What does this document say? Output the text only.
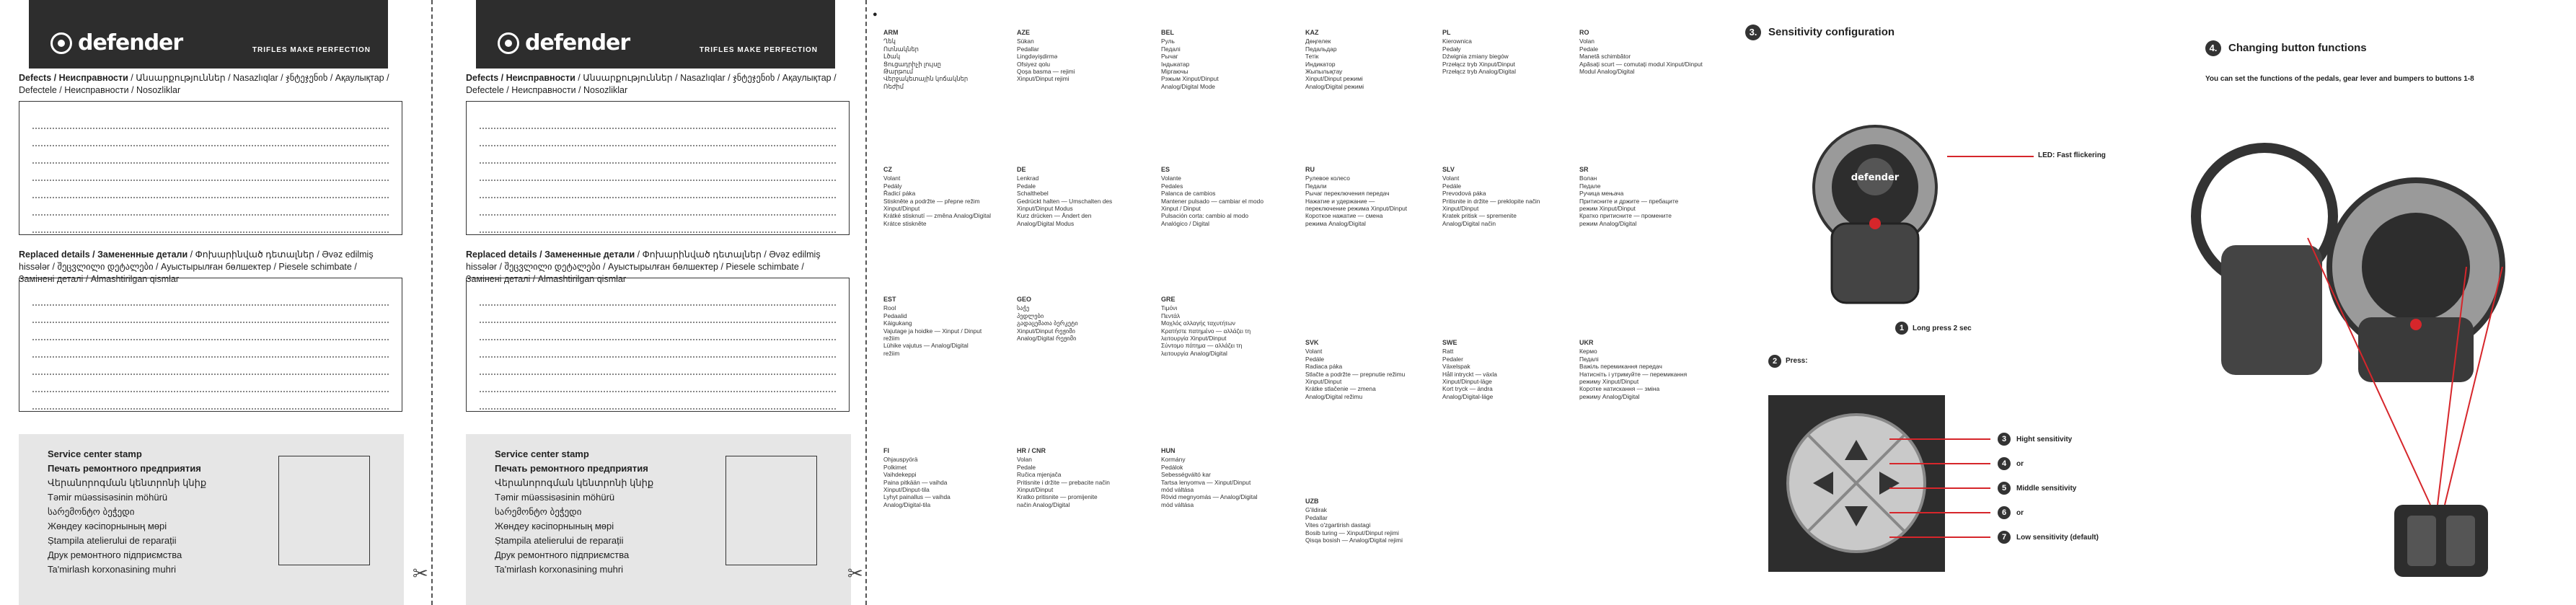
defender	TRIFLES MAKE PERFECTION
Defects / Неисправности / Անսարքություններ / Nasazlıqlar / ჯნტეჯენიხ / Ақаулықтар / Defectele / Неисправности / Nosozliklar
Replaced details / Замененные детали / Փոխարինված դետալներ / Əvəz edilmiş hissələr / შეცვლილი დეტალები / Ауыстырылған бөлшектер / Piesele schimbate / Замінені деталі / Almashtirilgan qismlar
Service center stamp
Печать ремонтного предприятия
Վերանորոգման կենտրոնի կնիք
Təmir müəssisəsinin möhürü
სარემონტო ბეჭედი
Жөндеу кәсіпорнының мөрі
Ștampila atelierului de reparații
Друк ремонтного підприємства
Ta'mirlash korxonasining muhri	✂
defender	TRIFLES MAKE PERFECTION
Defects / Неисправности / Անսարքություններ / Nasazlıqlar / ჯნტეჯენიხ / Ақаулықтар / Defectele / Неисправности / Nosozliklar
Replaced details / Замененные детали / Փոխարինված դետալներ / Əvəz edilmiş hissələr / შეცვლილი დეტალები / Ауыстырылған бөлшектер / Piesele schimbate / Замінені деталі / Almashtirilgan qismlar
Service center stamp
Печать ремонтного предприятия
Վերանորոգման կենտրոնի կնիք
Təmir müəssisəsinin möhürü
სარემონტო ბეჭედი
Жөндеу кәсіпорнының мөрі
Ștampila atelierului de reparații
Друк ремонтного підприємства
Ta'mirlash korxonasining muhri	✂
●
ARM
Ղեկ
Ոտնակներ
Լծակ
Ցուցադրիչի լույսը
Թարթում
Վերջակետային կոճակներ
Ռեժիմ
AZE
Sükan
Pedallar
Lingdəyişdirmə
Ofsiyez qolu
Qoşa basma — rejimi
Xinput/Dinput rejimi
BEL
Руль
Педалі
Рычаг
Індыкатар
Міргаючы
Рэжым Xinput/Dinput
Analog/Digital Mode
KAZ
Дөңгелек
Педальдар
Тетік
Индикатор
Жыпылықтау
Xinput/Dinput режимі
Analog/Digital режимі
PL
Kierownica
Pedały
Dźwignia zmiany biegów
Przełącz tryb Xinput/Dinput
Przełącz tryb Analog/Digital
RO
Volan
Pedale
Manetă schimbător
Apăsați scurt — comutați modul Xinput/Dinput
Modul Analog/Digital
CZ
Volant
Pedály
Řadicí páka
Stiskněte a podržte — přepne režim
Xinput/Dinput
Krátké stisknutí — změna Analog/Digital
Krátce stiskněte
DE
Lenkrad
Pedale
Schalthebel
Gedrückt halten — Umschalten des
Xinput/Dinput Modus
Kurz drücken — Ändert den
Analog/Digital Modus
ES
Volante
Pedales
Palanca de cambios
Mantener pulsado — cambiar el modo
Xinput / Dinput
Pulsación corta: cambio al modo
Analógico / Digital
RU
Рулевое колесо
Педали
Рычаг переключения передач
Нажатие и удержание —
переключение режима Xinput/Dinput
Короткое нажатие — смена
режима Analog/Digital
SLV
Volant
Pedále
Prevodová páka
Pritisnite in držite — preklopite način
Xinput/Dinput
Kratek pritisk — spremenite
Analog/Digital način
SR
Волан
Педале
Ручица мењача
Притисните и држите — пребаците
режим Xinput/Dinput
Кратко притисните — промените
режим Analog/Digital
EST
Rool
Pedaalid
Käigukang
Vajutage ja hoidke — Xinput / Dinput
režiim
Lühike vajutus — Analog/Digital
režiim
GEO
საჭე
პედლები
გადაცემათა ბერკეტი
Xinput/Dinput რეჟიმი
Analog/Digital რეჟიმი
GRE
Τιμόνι
Πεντάλ
Μοχλός αλλαγής ταχυτήτων
Κρατήστε πατημένο — αλλάζει τη
λειτουργία Xinput/Dinput
Σύντομο πάτημα — αλλάζει τη
λειτουργία Analog/Digital
SVK
Volant
Pedále
Radiaca páka
Stlačte a podržte — prepnutie režimu
Xinput/Dinput
Krátke stlačenie — zmena
Analog/Digital režimu
SWE
Ratt
Pedaler
Växelspak
Håll intryckt — växla
Xinput/Dinput-läge
Kort tryck — ändra
Analog/Digital-läge
UKR
Кермо
Педалі
Важіль перемикання передач
Натисніть і утримуйте — перемикання
режиму Xinput/Dinput
Коротке натискання — зміна
режиму Analog/Digital
FI
Ohjauspyörä
Polkimet
Vaihdekeppi
Paina pitkään — vaihda
Xinput/Dinput-tila
Lyhyt painallus — vaihda
Analog/Digital-tila
HR / CNR
Volan
Pedale
Ručica mjenjača
Pritisnite i držite — prebacite način
Xinput/Dinput
Kratko pritisnite — promijenite
način Analog/Digital
HUN
Kormány
Pedálok
Sebességváltó kar
Tartsa lenyomva — Xinput/Dinput
mód váltása
Rövid megnyomás — Analog/Digital
mód váltása	UZB
G'ildirak
Pedallar
Vites o'zgartirish dastagi
Bosib turing — Xinput/Dinput rejimi
Qisqa bosish — Analog/Digital rejimi
3.	Sensitivity configuration
defender
LED: Fast flickering
1	Long press 2 sec
2	Press:
3	Hight sensitivity
4	or
5	Middle sensitivity
6	or
7	Low sensitivity (default)
4.	Changing button functions
You can set the functions of the pedals, gear lever and bumpers to buttons 1-8
